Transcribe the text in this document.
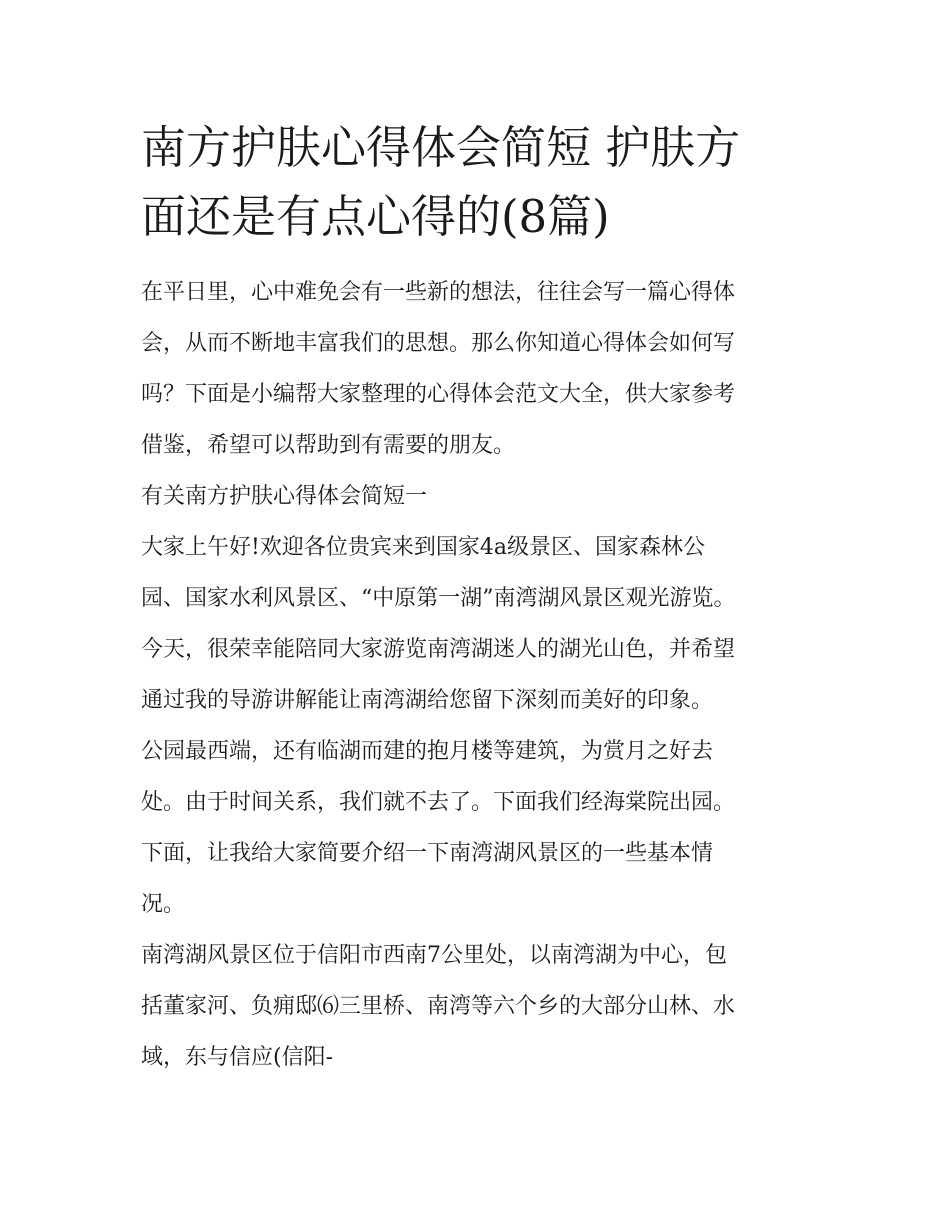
南方护肤心得体会简短 护肤方
面还是有点心得的(8篇)

在平日里，心中难免会有一些新的想法，往往会写一篇心得体
会，从而不断地丰富我们的思想。那么你知道心得体会如何写
吗？下面是小编帮大家整理的心得体会范文大全，供大家参考
借鉴，希望可以帮助到有需要的朋友。

有关南方护肤心得体会简短一

大家上午好!欢迎各位贵宾来到国家4a级景区、国家森林公
园、国家水利风景区、“中原第一湖”南湾湖风景区观光游览。
今天，很荣幸能陪同大家游览南湾湖迷人的湖光山色，并希望
通过我的导游讲解能让南湾湖给您留下深刻而美好的印象。

公园最西端，还有临湖而建的抱月楼等建筑，为赏月之好去
处。由于时间关系，我们就不去了。下面我们经海棠院出园。

下面，让我给大家简要介绍一下南湾湖风景区的一些基本情
况。

南湾湖风景区位于信阳市西南7公里处，以南湾湖为中心，包
括董家河、负痈邸⑹三里桥、南湾等六个乡的大部分山林、水
域，东与信应(信阳-
